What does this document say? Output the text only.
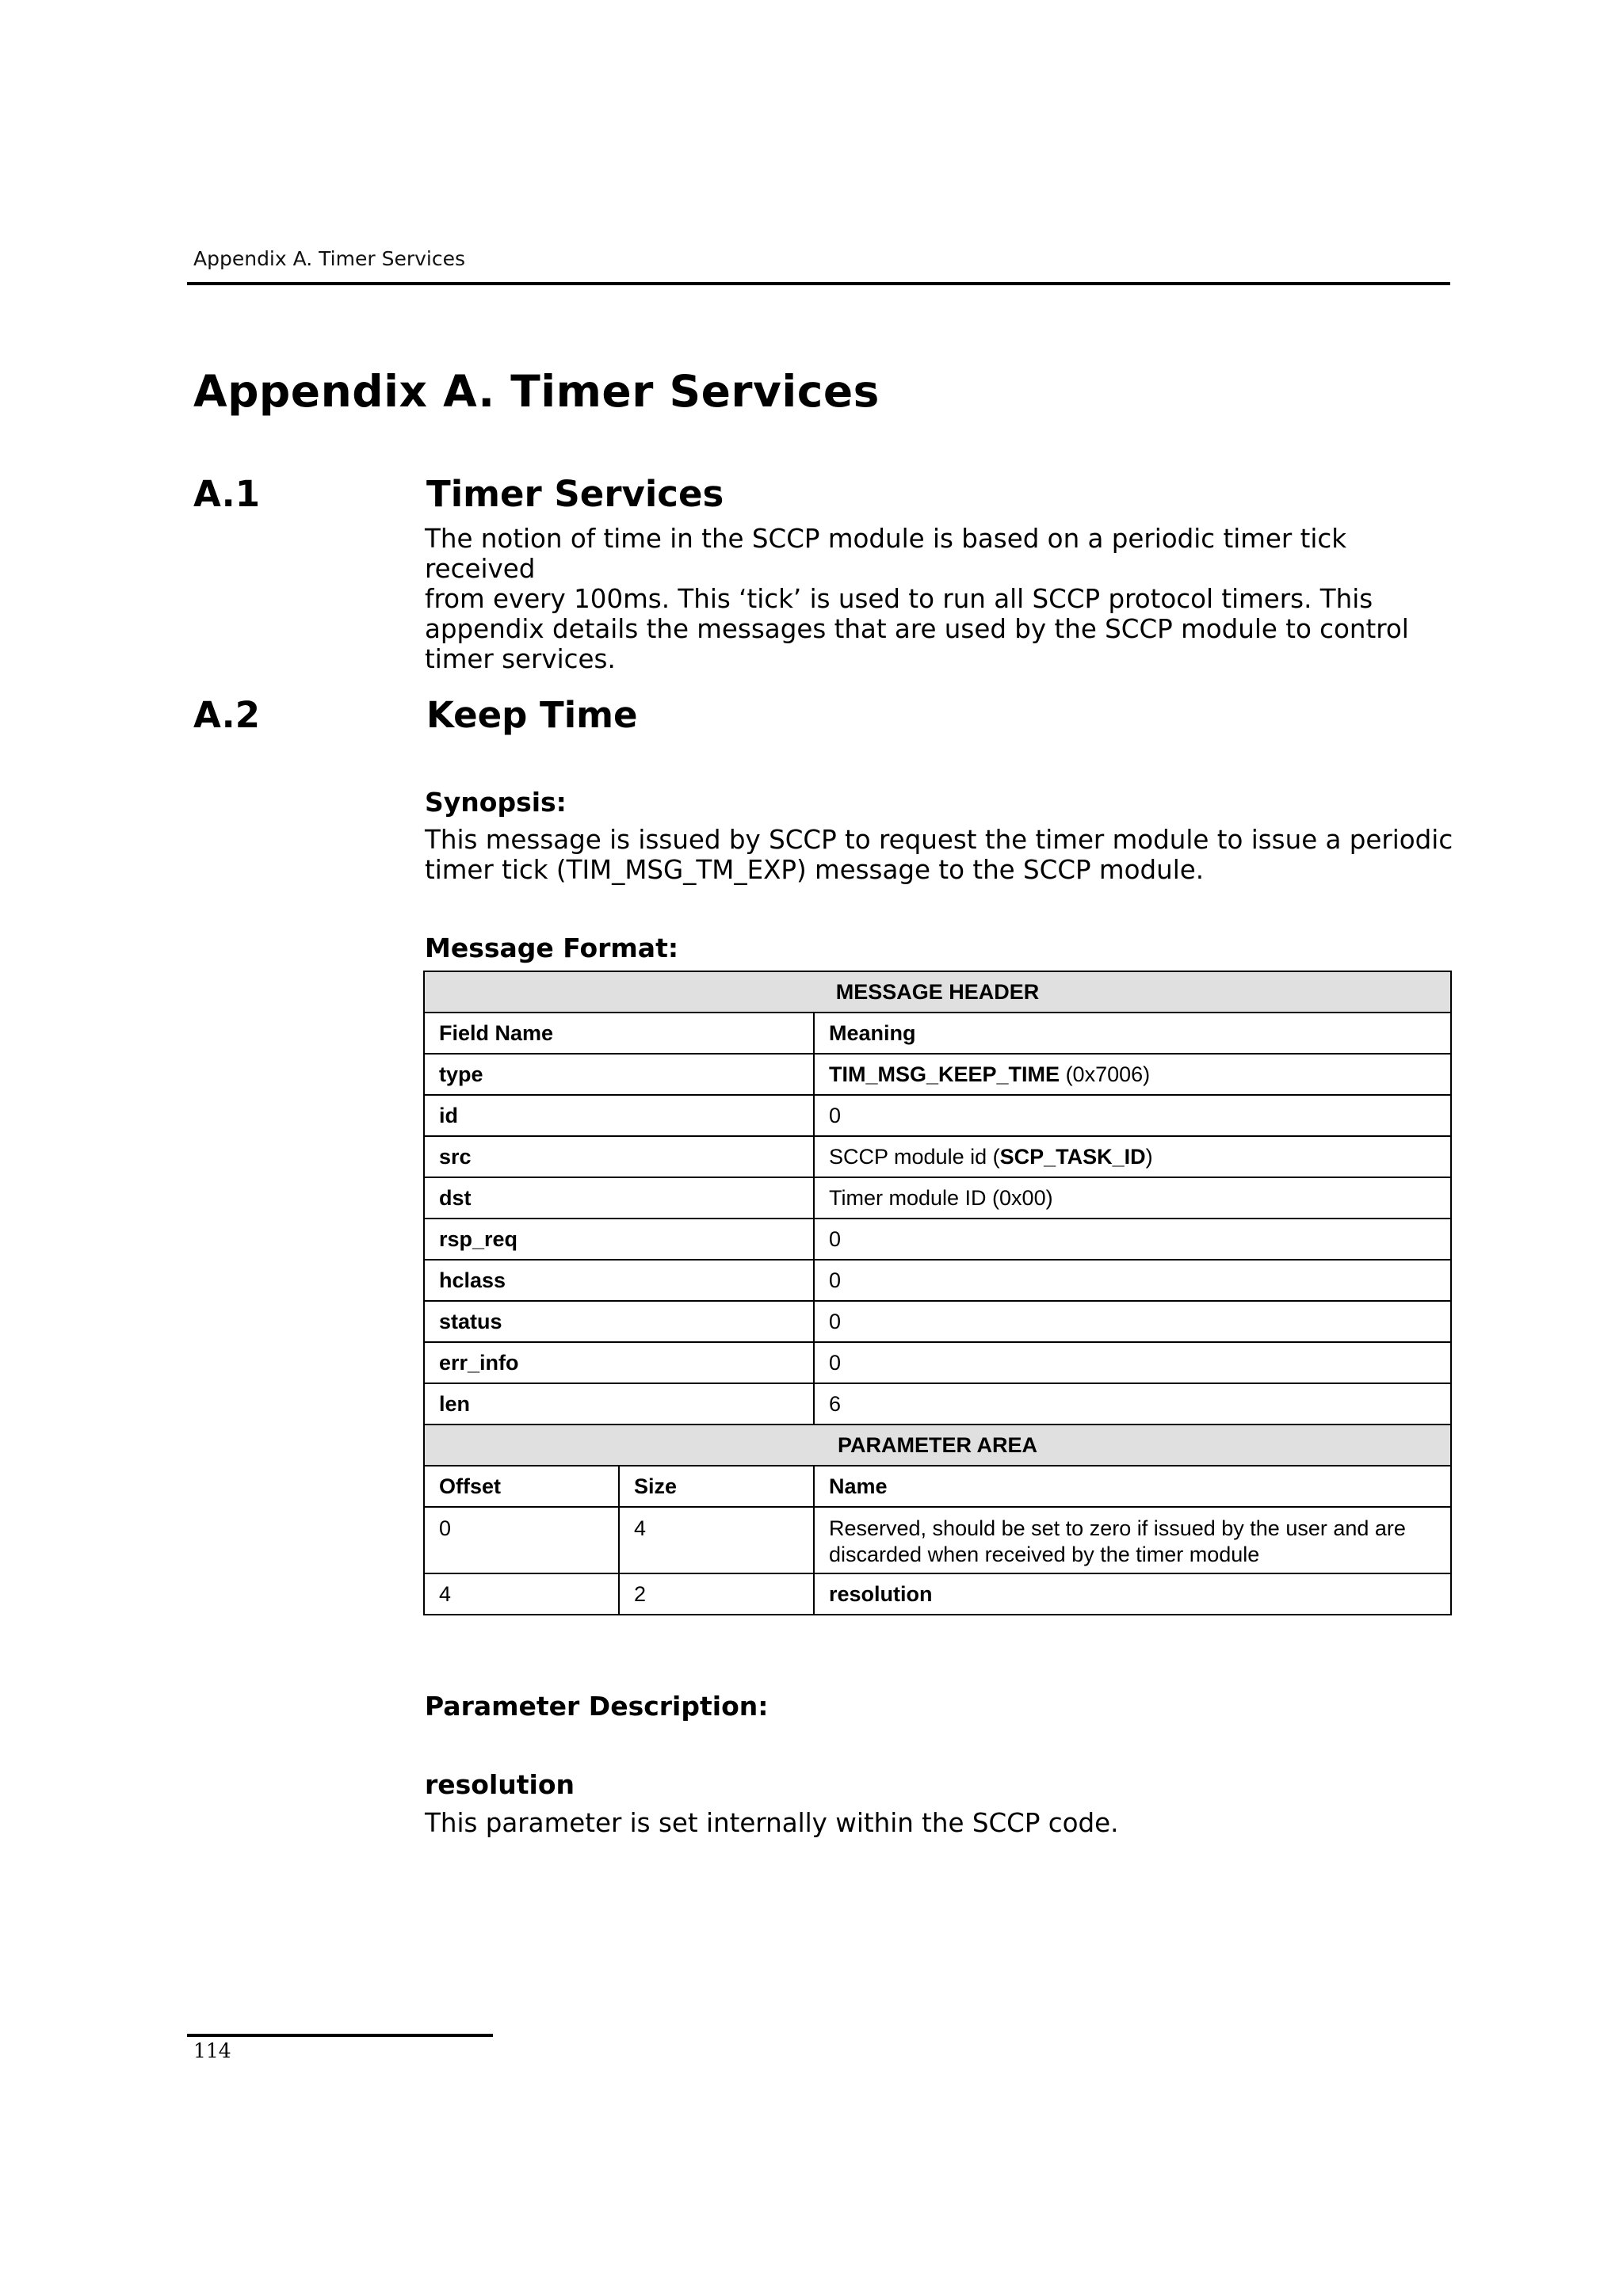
Appendix A. Timer Services
Appendix A. Timer Services
A.1	Timer Services
The notion of time in the SCCP module is based on a periodic timer tick received
from every 100ms. This ‘tick’ is used to run all SCCP protocol timers. This
appendix details the messages that are used by the SCCP module to control
timer services.
A.2	Keep Time
Synopsis:
This message is issued by SCCP to request the timer module to issue a periodic
timer tick (TIM_MSG_TM_EXP) message to the SCCP module.
Message Format:
MESSAGE HEADER		
Field Name		Meaning
type		TIM_MSG_KEEP_TIME (0x7006)
id		0
src		SCCP module id (SCP_TASK_ID)
dst		Timer module ID (0x00)
rsp_req		0
hclass		0
status		0
err_info		0
len		6
PARAMETER AREA		
Offset	Size	Name
0	4	Reserved, should be set to zero if issued by the user and are
discarded when received by the timer module

4	2	resolution
Parameter Description:
resolution
This parameter is set internally within the SCCP code.
114
